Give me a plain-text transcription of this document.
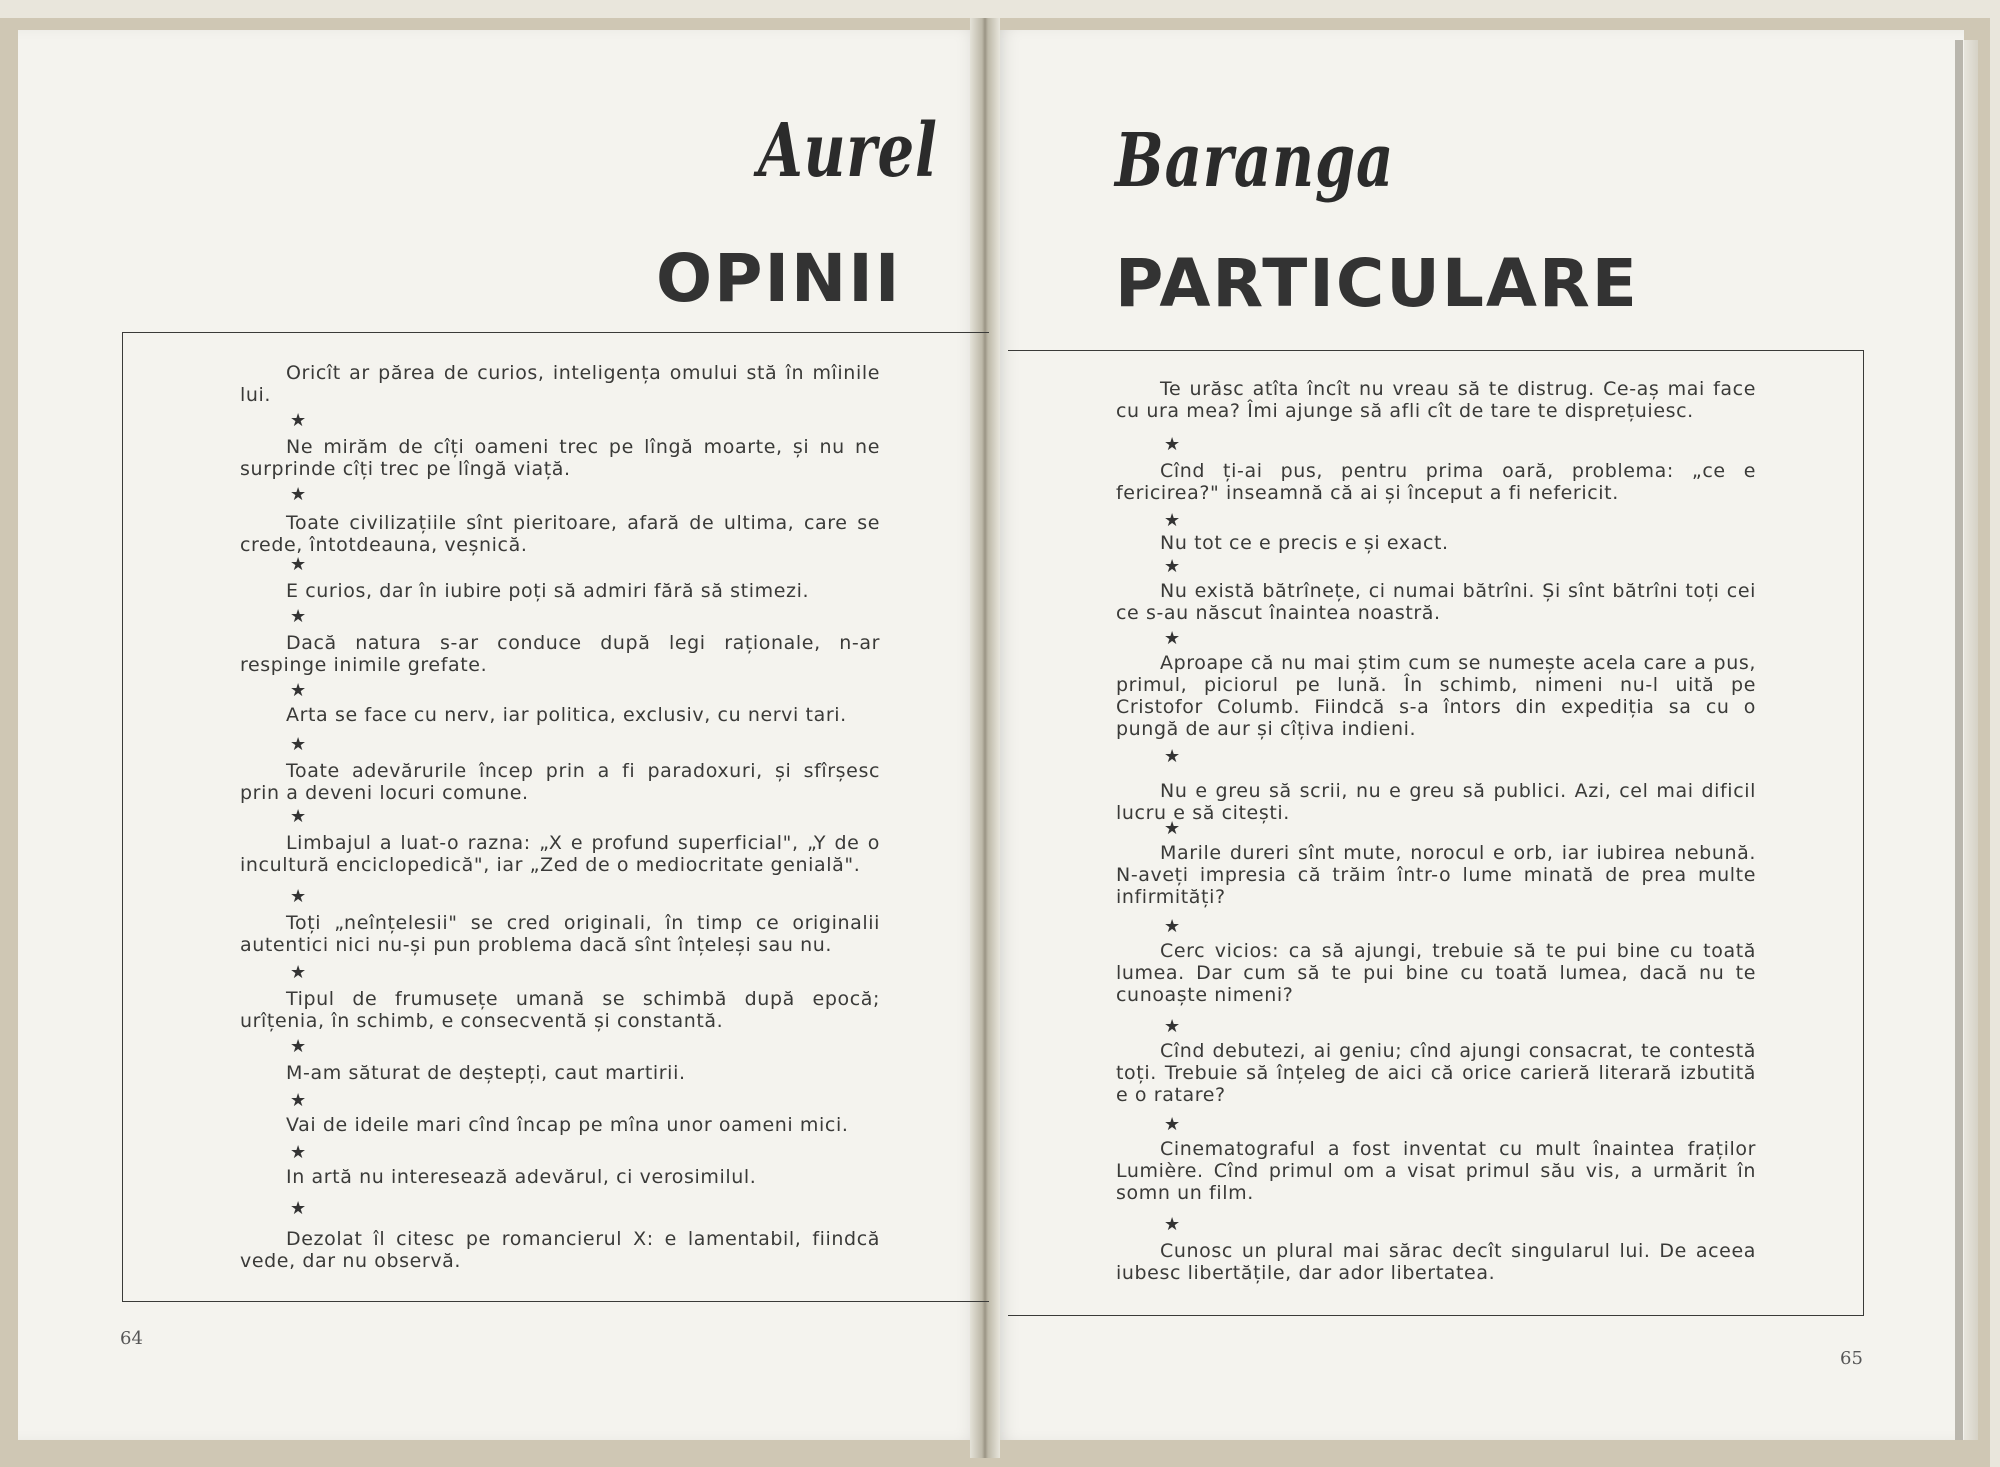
Aurel
OPINII
Baranga
PARTICULARE
Oricît ar părea de curios, inteligența omului stă în mîinile lui.
Ne mirăm de cîți oameni trec pe lîngă moarte, și nu ne surprinde cîți trec pe lîngă viață.
Toate civilizațiile sînt pieritoare, afară de ultima, care se crede, întotdeauna, veșnică.
E curios, dar în iubire poți să admiri fără să stimezi.
Dacă natura s-ar conduce după legi raționale, n-ar respinge inimile grefate.
Arta se face cu nerv, iar politica, exclusiv, cu nervi tari.
Toate adevărurile încep prin a fi paradoxuri, și sfîrșesc prin a deveni locuri comune.
Limbajul a luat-o razna: „X e profund superficial", „Y de o incultură enciclopedică", iar „Zed de o mediocritate genială".
Toți „neînțelesii" se cred originali, în timp ce originalii autentici nici nu-și pun problema dacă sînt înțeleși sau nu.
Tipul de frumusețe umană se schimbă după epocă; urîțenia, în schimb, e consecventă și constantă.
M-am săturat de deștepți, caut martirii.
Vai de ideile mari cînd încap pe mîna unor oameni mici.
In artă nu interesează adevărul, ci verosimilul.
Dezolat îl citesc pe romancierul X: e lamentabil, fiindcă vede, dar nu observă.
★
★
★
★
★
★
★
★
★
★
★
★
★
Te urăsc atîta încît nu vreau să te distrug. Ce-aș mai face cu ura mea? Îmi ajunge să afli cît de tare te disprețuiesc.
Cînd ți-ai pus, pentru prima oară, problema: „ce e fericirea?" inseamnă că ai și început a fi nefericit.
Nu tot ce e precis e și exact.
Nu există bătrînețe, ci numai bătrîni. Și sînt bătrîni toți cei ce s-au născut înaintea noastră.
Aproape că nu mai știm cum se numește acela care a pus, primul, piciorul pe lună. În schimb, nimeni nu-l uită pe Cristofor Columb. Fiindcă s-a întors din expediția sa cu o pungă de aur și cîțiva indieni.
Nu e greu să scrii, nu e greu să publici. Azi, cel mai dificil lucru e să citești.
Marile dureri sînt mute, norocul e orb, iar iubirea nebună. N-aveți impresia că trăim într-o lume minată de prea multe infirmități?
Cerc vicios: ca să ajungi, trebuie să te pui bine cu toată lumea. Dar cum să te pui bine cu toată lumea, dacă nu te cunoaște nimeni?
Cînd debutezi, ai geniu; cînd ajungi consacrat, te contestă toți. Trebuie să înțeleg de aici că orice carieră literară izbutită e o ratare?
Cinematograful a fost inventat cu mult înaintea fraților Lumière. Cînd primul om a visat primul său vis, a urmărit în somn un film.
Cunosc un plural mai sărac decît singularul lui. De aceea iubesc libertățile, dar ador libertatea.
★
★
★
★
★
★
★
★
★
★
64
65
